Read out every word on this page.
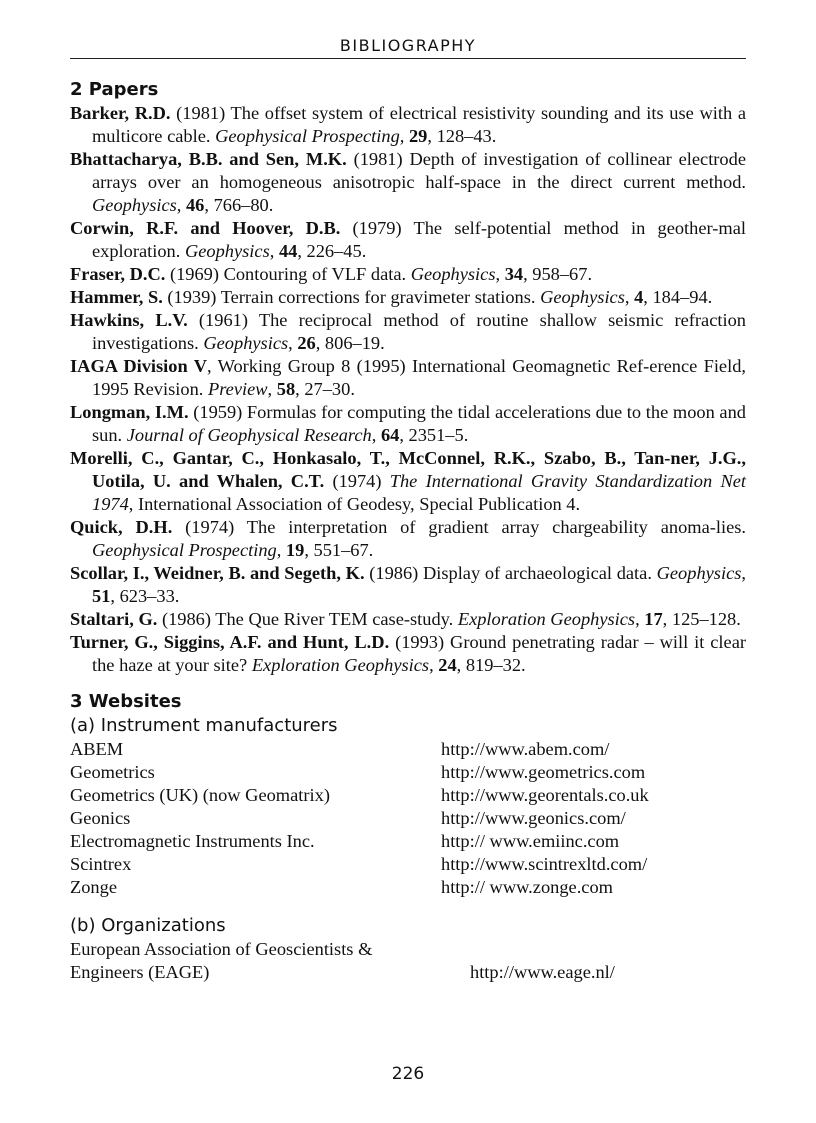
BIBLIOGRAPHY
2 Papers

Barker, R.D. (1981) The offset system of electrical resistivity sounding and its use with a multicore cable. Geophysical Prospecting, 29, 128–43.

Bhattacharya, B.B. and Sen, M.K. (1981) Depth of investigation of collinear electrode arrays over an homogeneous anisotropic half-space in the direct current method. Geophysics, 46, 766–80.

Corwin, R.F. and Hoover, D.B. (1979) The self-potential method in geother-mal exploration. Geophysics, 44, 226–45.

Fraser, D.C. (1969) Contouring of VLF data. Geophysics, 34, 958–67.

Hammer, S. (1939) Terrain corrections for gravimeter stations. Geophysics, 4, 184–94.

Hawkins, L.V. (1961) The reciprocal method of routine shallow seismic refraction investigations. Geophysics, 26, 806–19.

IAGA Division V, Working Group 8 (1995) International Geomagnetic Ref-erence Field, 1995 Revision. Preview, 58, 27–30.

Longman, I.M. (1959) Formulas for computing the tidal accelerations due to the moon and sun. Journal of Geophysical Research, 64, 2351–5.

Morelli, C., Gantar, C., Honkasalo, T., McConnel, R.K., Szabo, B., Tan-ner, J.G., Uotila, U. and Whalen, C.T. (1974) The International Gravity Standardization Net 1974, International Association of Geodesy, Special Publication 4.

Quick, D.H. (1974) The interpretation of gradient array chargeability anoma-lies. Geophysical Prospecting, 19, 551–67.

Scollar, I., Weidner, B. and Segeth, K. (1986) Display of archaeological data. Geophysics, 51, 623–33.

Staltari, G. (1986) The Que River TEM case-study. Exploration Geophysics, 17, 125–128.

Turner, G., Siggins, A.F. and Hunt, L.D. (1993) Ground penetrating radar – will it clear the haze at your site? Exploration Geophysics, 24, 819–32.

3 Websites
(a) Instrument manufacturers
ABEM	http://www.abem.com/
Geometrics	http://www.geometrics.com
Geometrics (UK) (now Geomatrix)	http://www.georentals.co.uk
Geonics	http://www.geonics.com/
Electromagnetic Instruments Inc.	http:// www.emiinc.com
Scintrex	http://www.scintrexltd.com/
Zonge	http:// www.zonge.com
(b) Organizations
European Association of Geoscientists & Engineers (EAGE)	http://www.eage.nl/
226
